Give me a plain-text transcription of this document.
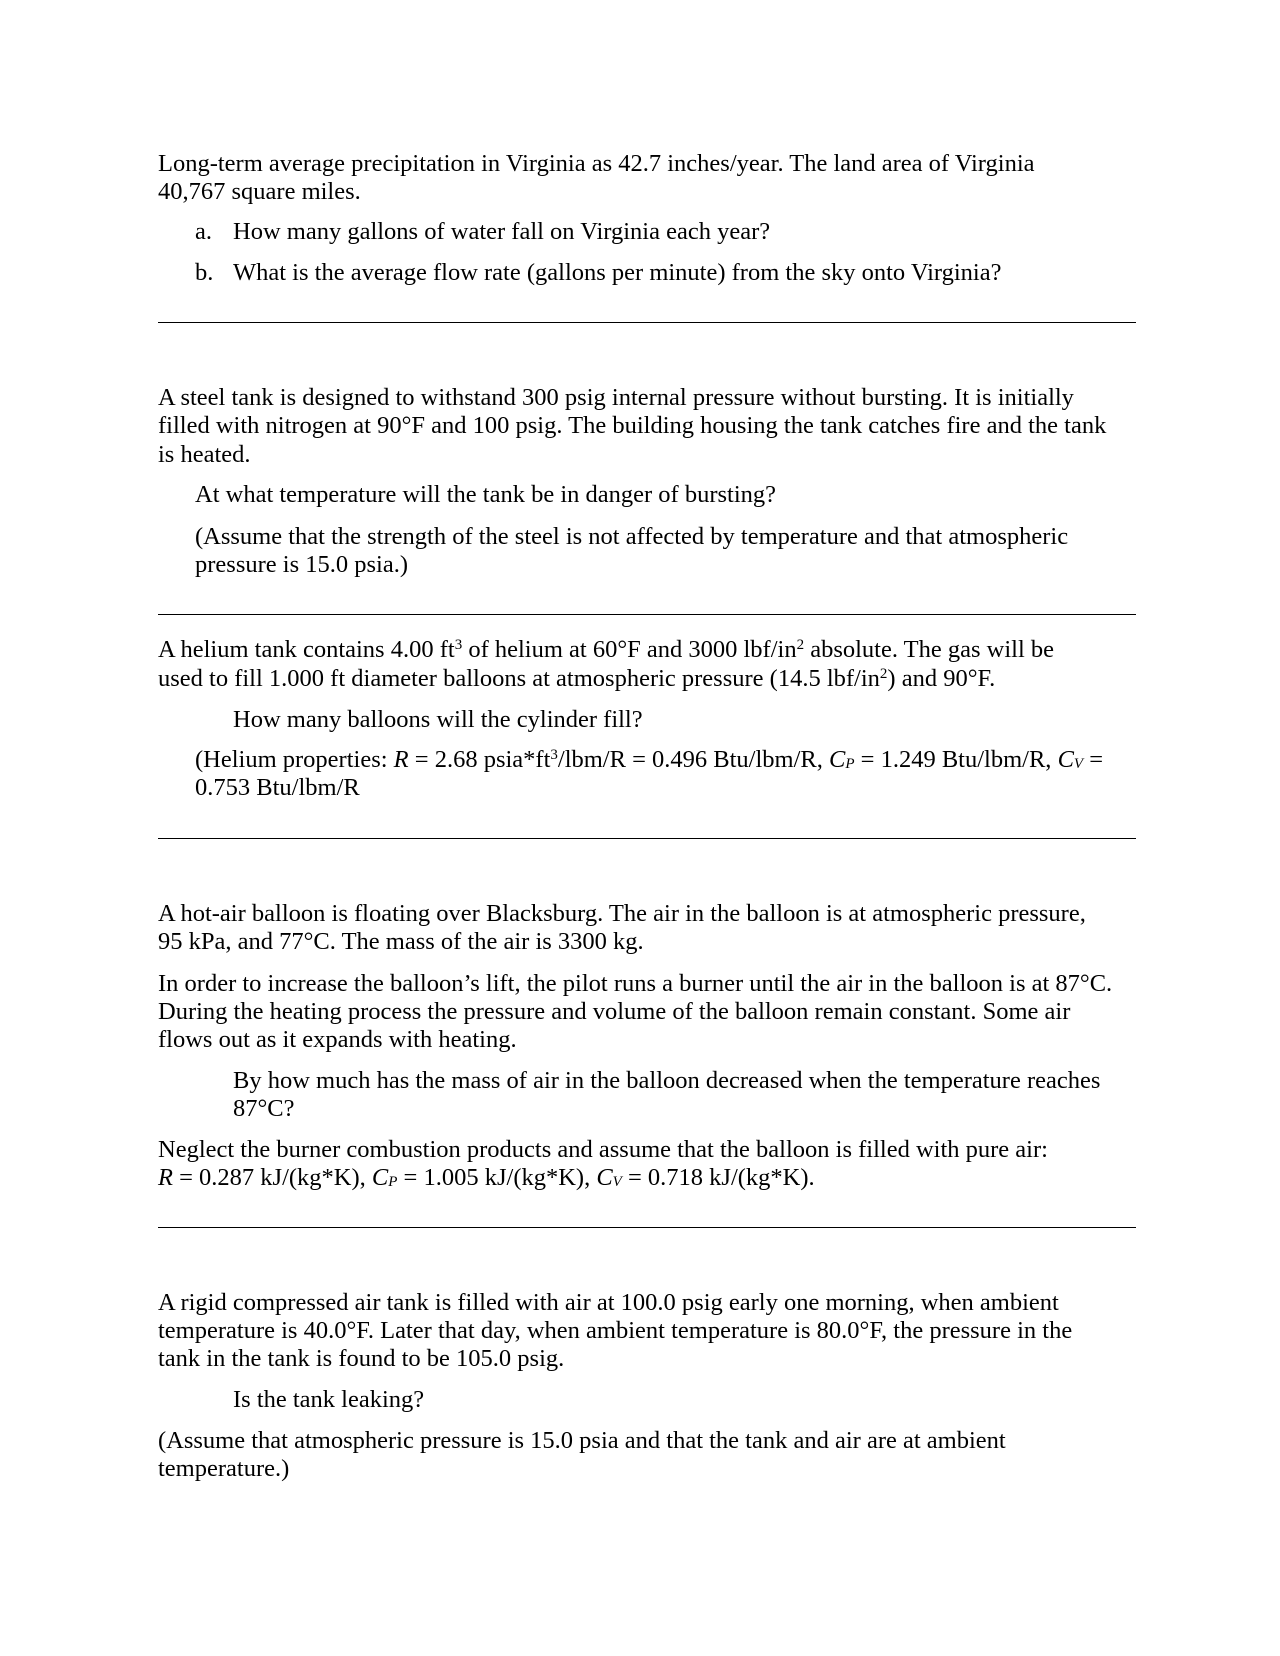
Long-term average precipitation in Virginia as 42.7 inches/year. The land area of Virginia

40,767 square miles.

a. How many gallons of water fall on Virginia each year?

b. What is the average flow rate (gallons per minute) from the sky onto Virginia?

A steel tank is designed to withstand 300 psig internal pressure without bursting. It is initially

filled with nitrogen at 90°F and 100 psig. The building housing the tank catches fire and the tank

is heated.

At what temperature will the tank be in danger of bursting?

(Assume that the strength of the steel is not affected by temperature and that atmospheric

pressure is 15.0 psia.)

A helium tank contains 4.00 $ft^3$ of helium at 60°F and 3000 lbf/$in^2$ absolute. The gas will be

used to fill 1.000 ft diameter balloons at atmospheric pressure (14.5 lbf/$in^2$) and 90°F.

How many balloons will the cylinder fill?

(Helium properties: R = 2.68 $psia*ft^3/lbm/R = 0.496$ Btu/lbm/R, CP = 1.249 Btu/lbm/R, CV =

0.753 Btu/lbm/R

A hot-air balloon is floating over Blacksburg. The air in the balloon is at atmospheric pressure,

95 kPa, and 77°C. The mass of the air is 3300 kg.

In order to increase the balloon’s lift, the pilot runs a burner until the air in the balloon is at 87°C.

During the heating process the pressure and volume of the balloon remain constant. Some air

flows out as it expands with heating.

By how much has the mass of air in the balloon decreased when the temperature reaches

87°C?

Neglect the burner combustion products and assume that the balloon is filled with pure air:

R = 0.287 kJ/(kg*K), CP = 1.005 kJ/(kg*K), CV = 0.718 kJ/(kg*K).

A rigid compressed air tank is filled with air at 100.0 psig early one morning, when ambient

temperature is 40.0°F. Later that day, when ambient temperature is 80.0°F, the pressure in the

tank in the tank is found to be 105.0 psig.

Is the tank leaking?

(Assume that atmospheric pressure is 15.0 psia and that the tank and air are at ambient

temperature.)
